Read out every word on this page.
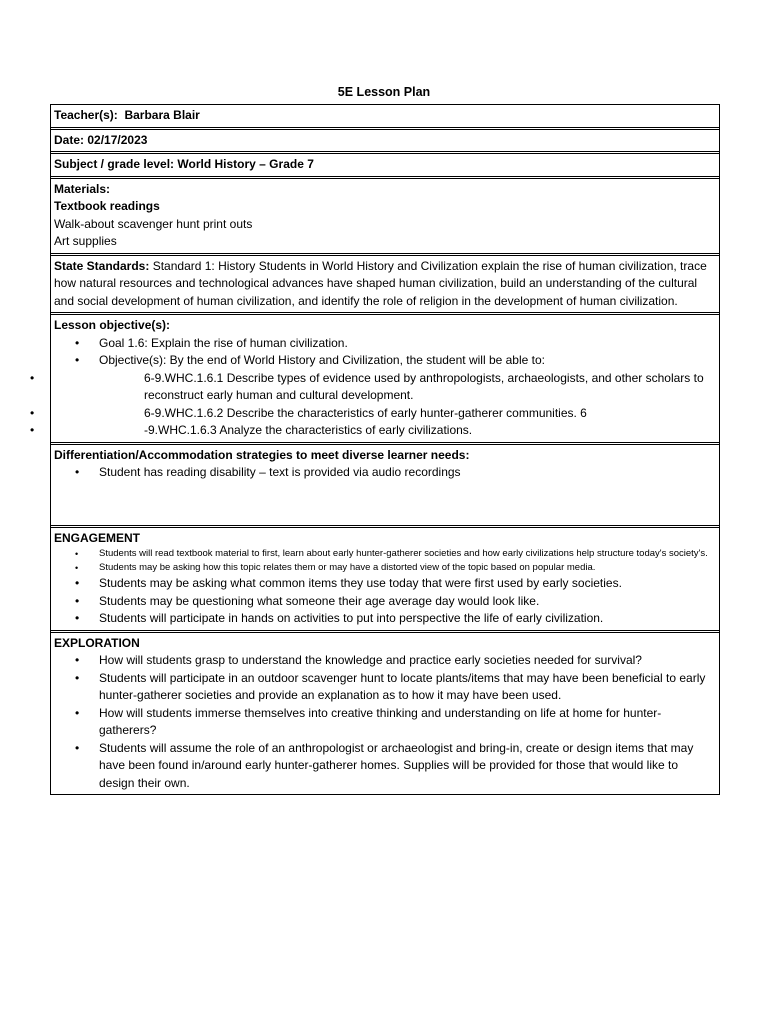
5E Lesson Plan
Teacher(s): Barbara Blair
Date: 02/17/2023
Subject / grade level: World History – Grade 7
Materials:
Textbook readings
Walk-about scavenger hunt print outs
Art supplies
State Standards: Standard 1: History Students in World History and Civilization explain the rise of human civilization, trace how natural resources and technological advances have shaped human civilization, build an understanding of the cultural and social development of human civilization, and identify the role of religion in the development of human civilization.
Lesson objective(s):
• Goal 1.6: Explain the rise of human civilization.
• Objective(s): By the end of World History and Civilization, the student will be able to:
• 6-9.WHC.1.6.1 Describe types of evidence used by anthropologists, archaeologists, and other scholars to reconstruct early human and cultural development.
• 6-9.WHC.1.6.2 Describe the characteristics of early hunter-gatherer communities. 6
• -9.WHC.1.6.3 Analyze the characteristics of early civilizations.
Differentiation/Accommodation strategies to meet diverse learner needs:
• Student has reading disability – text is provided via audio recordings
ENGAGEMENT
• Students will read textbook material to first, learn about early hunter-gatherer societies and how early civilizations help structure today's society's.
• Students may be asking how this topic relates them or may have a distorted view of the topic based on popular media.
• Students may be asking what common items they use today that were first used by early societies.
• Students may be questioning what someone their age average day would look like.
• Students will participate in hands on activities to put into perspective the life of early civilization.
EXPLORATION
• How will students grasp to understand the knowledge and practice early societies needed for survival?
• Students will participate in an outdoor scavenger hunt to locate plants/items that may have been beneficial to early hunter-gatherer societies and provide an explanation as to how it may have been used.
• How will students immerse themselves into creative thinking and understanding on life at home for hunter-gatherers?
• Students will assume the role of an anthropologist or archaeologist and bring-in, create or design items that may have been found in/around early hunter-gatherer homes. Supplies will be provided for those that would like to design their own.
